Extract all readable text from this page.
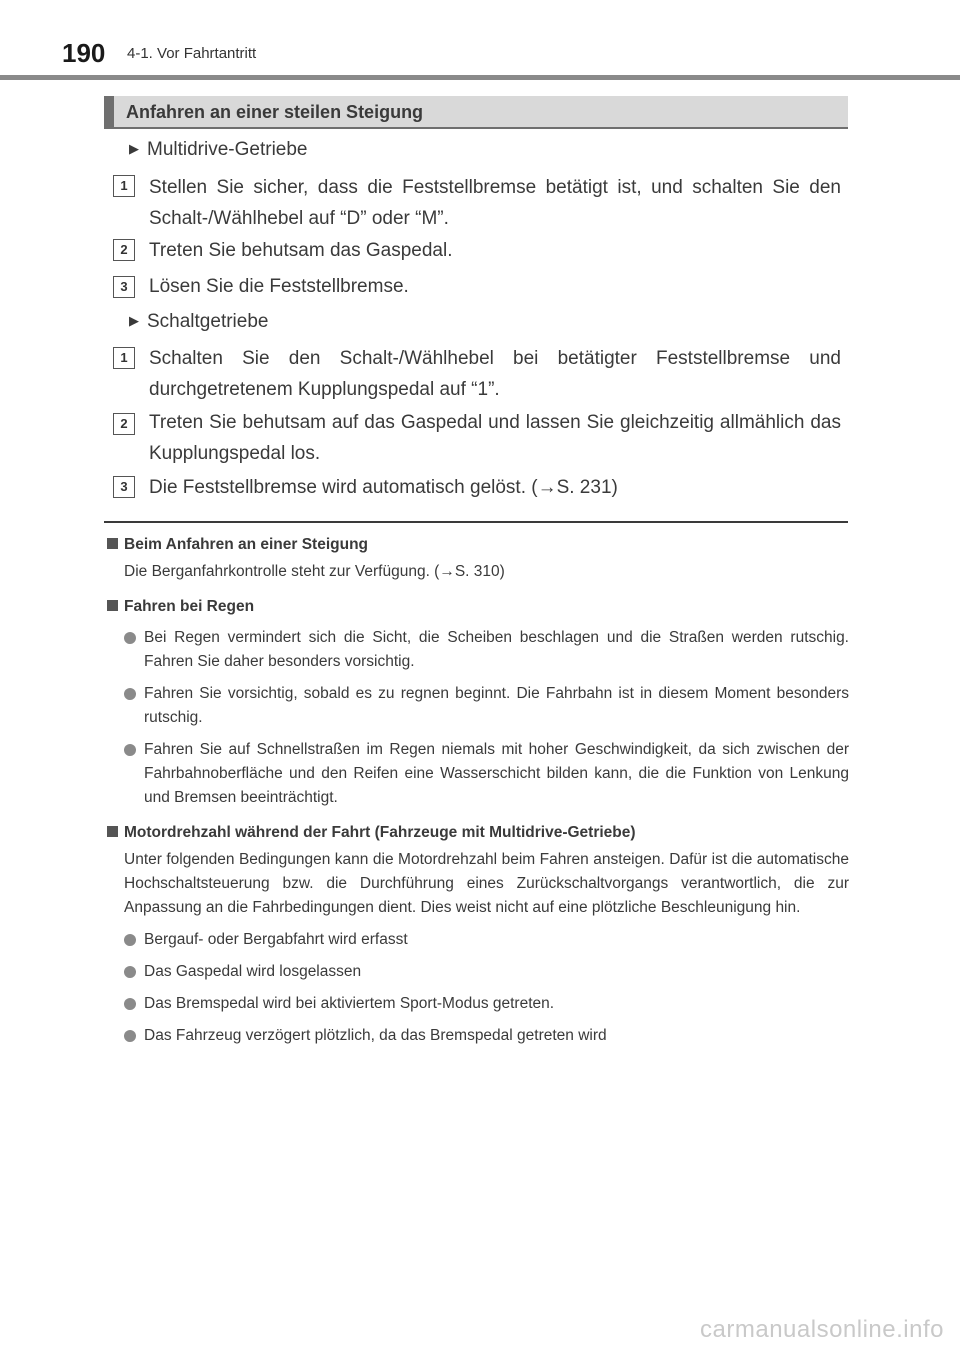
190 4-1. Vor Fahrtantritt
Anfahren an einer steilen Steigung
▶ Multidrive-Getriebe
1	Stellen Sie sicher, dass die Feststellbremse betätigt ist, und schalten Sie den Schalt-/Wählhebel auf “D” oder “M”.
2	Treten Sie behutsam das Gaspedal.
3	Lösen Sie die Feststellbremse.
▶ Schaltgetriebe
1	Schalten Sie den Schalt-/Wählhebel bei betätigter Feststellbremse und durchgetretenem Kupplungspedal auf “1”.
2	Treten Sie behutsam auf das Gaspedal und lassen Sie gleichzeitig allmählich das Kupplungspedal los.
3	Die Feststellbremse wird automatisch gelöst. (→S. 231)
Beim Anfahren an einer Steigung
Die Berganfahrkontrolle steht zur Verfügung. (→S. 310)
Fahren bei Regen
Bei Regen vermindert sich die Sicht, die Scheiben beschlagen und die Straßen werden rutschig. Fahren Sie daher besonders vorsichtig.
Fahren Sie vorsichtig, sobald es zu regnen beginnt. Die Fahrbahn ist in diesem Moment besonders rutschig.
Fahren Sie auf Schnellstraßen im Regen niemals mit hoher Geschwindigkeit, da sich zwischen der Fahrbahnoberfläche und den Reifen eine Wasserschicht bilden kann, die die Funktion von Lenkung und Bremsen beeinträchtigt.
Motordrehzahl während der Fahrt (Fahrzeuge mit Multidrive-Getriebe)
Unter folgenden Bedingungen kann die Motordrehzahl beim Fahren ansteigen. Dafür ist die automatische Hochschaltsteuerung bzw. die Durchführung eines Zurückschaltvorgangs verantwortlich, die zur Anpassung an die Fahrbedingungen dient. Dies weist nicht auf eine plötzliche Beschleunigung hin.
Bergauf- oder Bergabfahrt wird erfasst
Das Gaspedal wird losgelassen
Das Bremspedal wird bei aktiviertem Sport-Modus getreten.
Das Fahrzeug verzögert plötzlich, da das Bremspedal getreten wird
carmanualsonline.info
